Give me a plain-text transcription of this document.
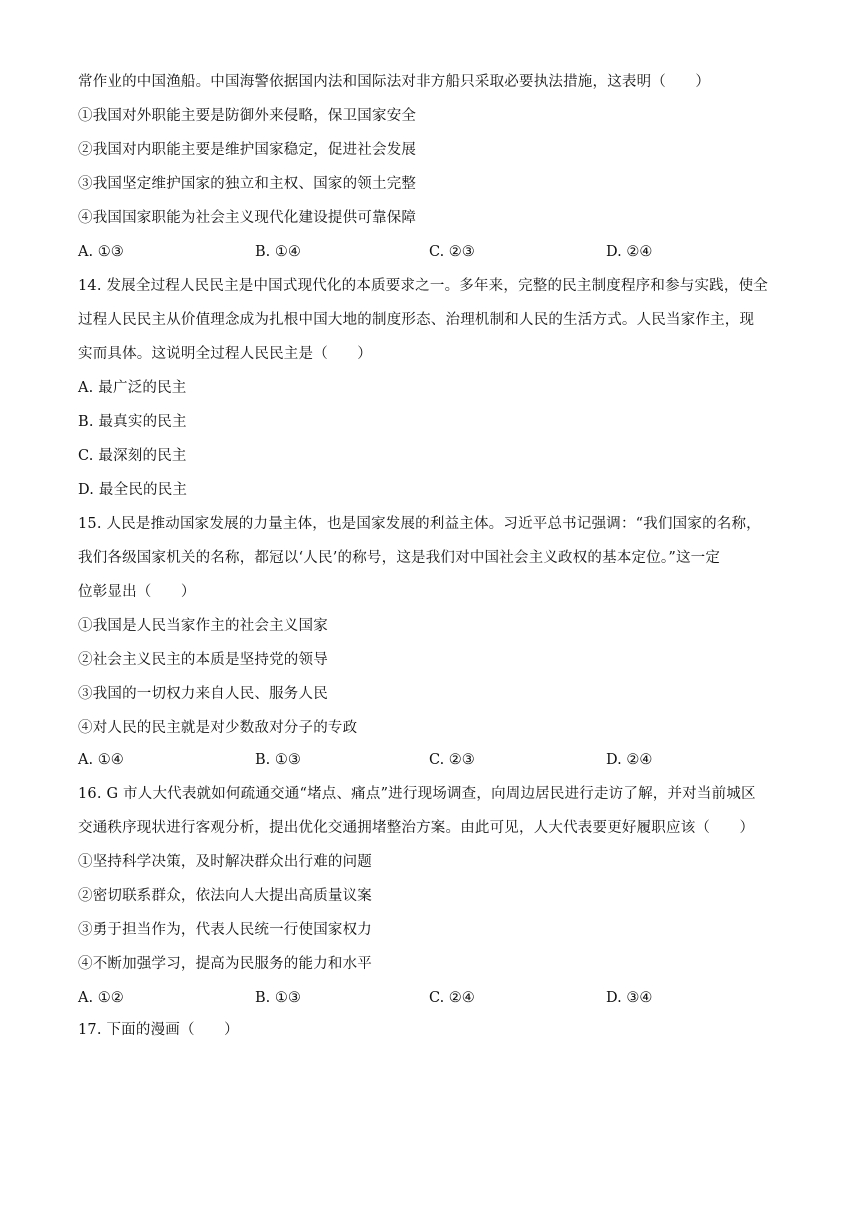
常作业的中国渔船。中国海警依据国内法和国际法对非方船只采取必要执法措施，这表明（　　）
①我国对外职能主要是防御外来侵略，保卫国家安全
②我国对内职能主要是维护国家稳定，促进社会发展
③我国坚定维护国家的独立和主权、国家的领土完整
④我国国家职能为社会主义现代化建设提供可靠保障
A. ①③	B. ①④	C. ②③	D. ②④
14. 发展全过程人民民主是中国式现代化的本质要求之一。多年来，完整的民主制度程序和参与实践，使全
过程人民民主从价值理念成为扎根中国大地的制度形态、治理机制和人民的生活方式。人民当家作主，现
实而具体。这说明全过程人民民主是（　　）
A. 最广泛的民主
B. 最真实的民主
C. 最深刻的民主
D. 最全民的民主
15. 人民是推动国家发展的力量主体，也是国家发展的利益主体。习近平总书记强调：“我们国家的名称，
我们各级国家机关的名称，都冠以‘人民’的称号，这是我们对中国社会主义政权的基本定位。”这一定
位彰显出（　　）
①我国是人民当家作主的社会主义国家
②社会主义民主的本质是坚持党的领导
③我国的一切权力来自人民、服务人民
④对人民的民主就是对少数敌对分子的专政
A. ①④	B. ①③	C. ②③	D. ②④
16. G 市人大代表就如何疏通交通“堵点、痛点”进行现场调查，向周边居民进行走访了解，并对当前城区
交通秩序现状进行客观分析，提出优化交通拥堵整治方案。由此可见，人大代表要更好履职应该（　　）
①坚持科学决策，及时解决群众出行难的问题
②密切联系群众，依法向人大提出高质量议案
③勇于担当作为，代表人民统一行使国家权力
④不断加强学习，提高为民服务的能力和水平
A. ①②	B. ①③	C. ②④	D. ③④
17. 下面的漫画（　　）
